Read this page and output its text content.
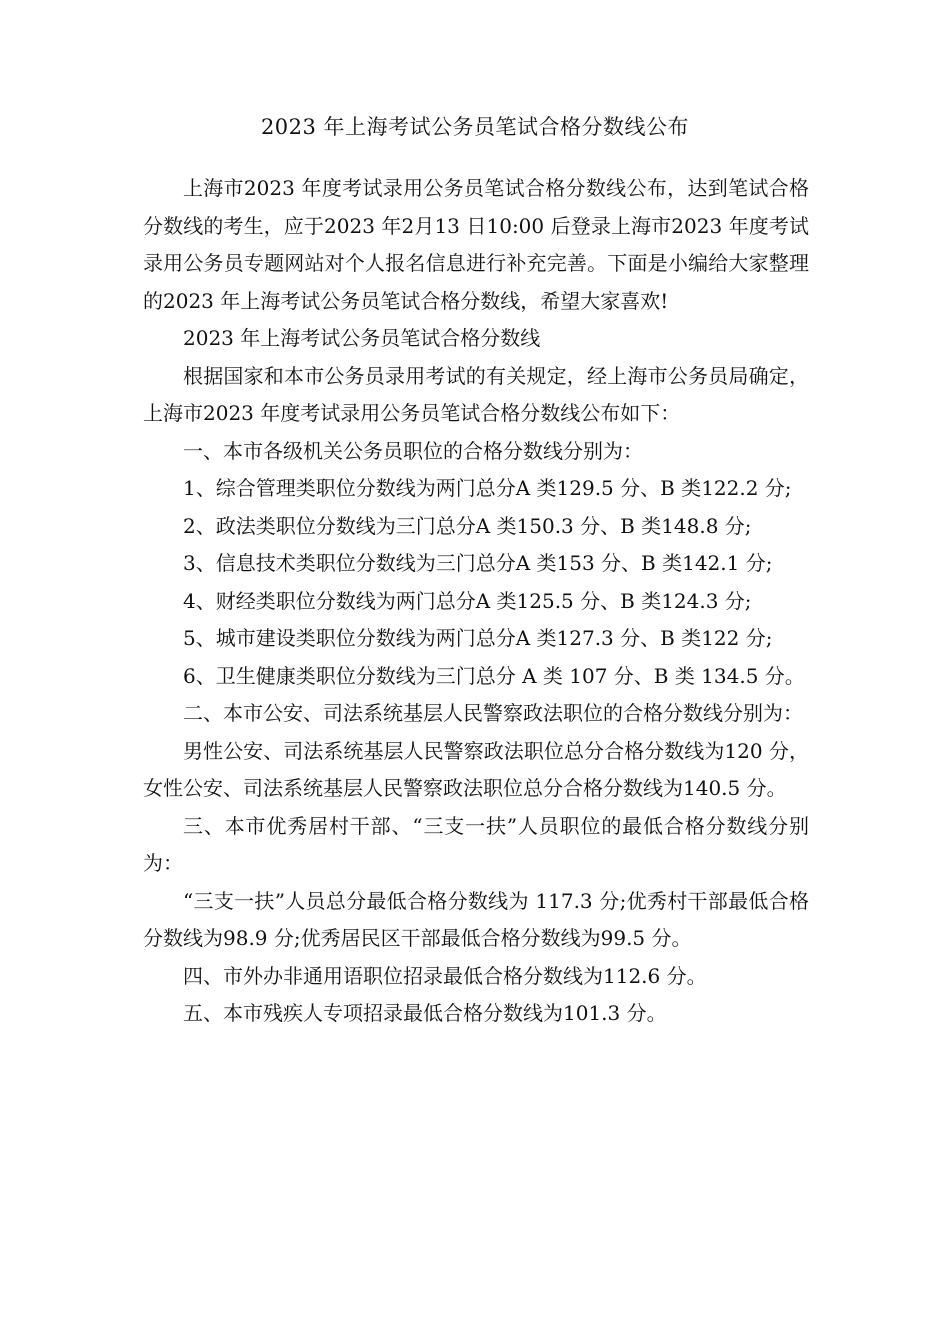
2023 年上海考试公务员笔试合格分数线公布

上海市2023 年度考试录用公务员笔试合格分数线公布，达到笔试合格分数线的考生，应于2023 年2月13 日10:00 后登录上海市2023 年度考试录用公务员专题网站对个人报名信息进行补充完善。下面是小编给大家整理的2023 年上海考试公务员笔试合格分数线，希望大家喜欢!

2023 年上海考试公务员笔试合格分数线

根据国家和本市公务员录用考试的有关规定，经上海市公务员局确定，上海市2023 年度考试录用公务员笔试合格分数线公布如下：

一、本市各级机关公务员职位的合格分数线分别为：

1、综合管理类职位分数线为两门总分A 类129.5 分、B 类122.2 分;

2、政法类职位分数线为三门总分A 类150.3 分、B 类148.8 分;

3、信息技术类职位分数线为三门总分A 类153 分、B 类142.1 分;

4、财经类职位分数线为两门总分A 类125.5 分、B 类124.3 分;

5、城市建设类职位分数线为两门总分A 类127.3 分、B 类122 分;

6、卫生健康类职位分数线为三门总分 A 类 107 分、B 类 134.5 分。

二、本市公安、司法系统基层人民警察政法职位的合格分数线分别为：

男性公安、司法系统基层人民警察政法职位总分合格分数线为120 分，女性公安、司法系统基层人民警察政法职位总分合格分数线为140.5 分。

三、本市优秀居村干部、“三支一扶”人员职位的最低合格分数线分别为：

“三支一扶”人员总分最低合格分数线为 117.3 分;优秀村干部最低合格分数线为98.9 分;优秀居民区干部最低合格分数线为99.5 分。

四、市外办非通用语职位招录最低合格分数线为112.6 分。

五、本市残疾人专项招录最低合格分数线为101.3 分。
